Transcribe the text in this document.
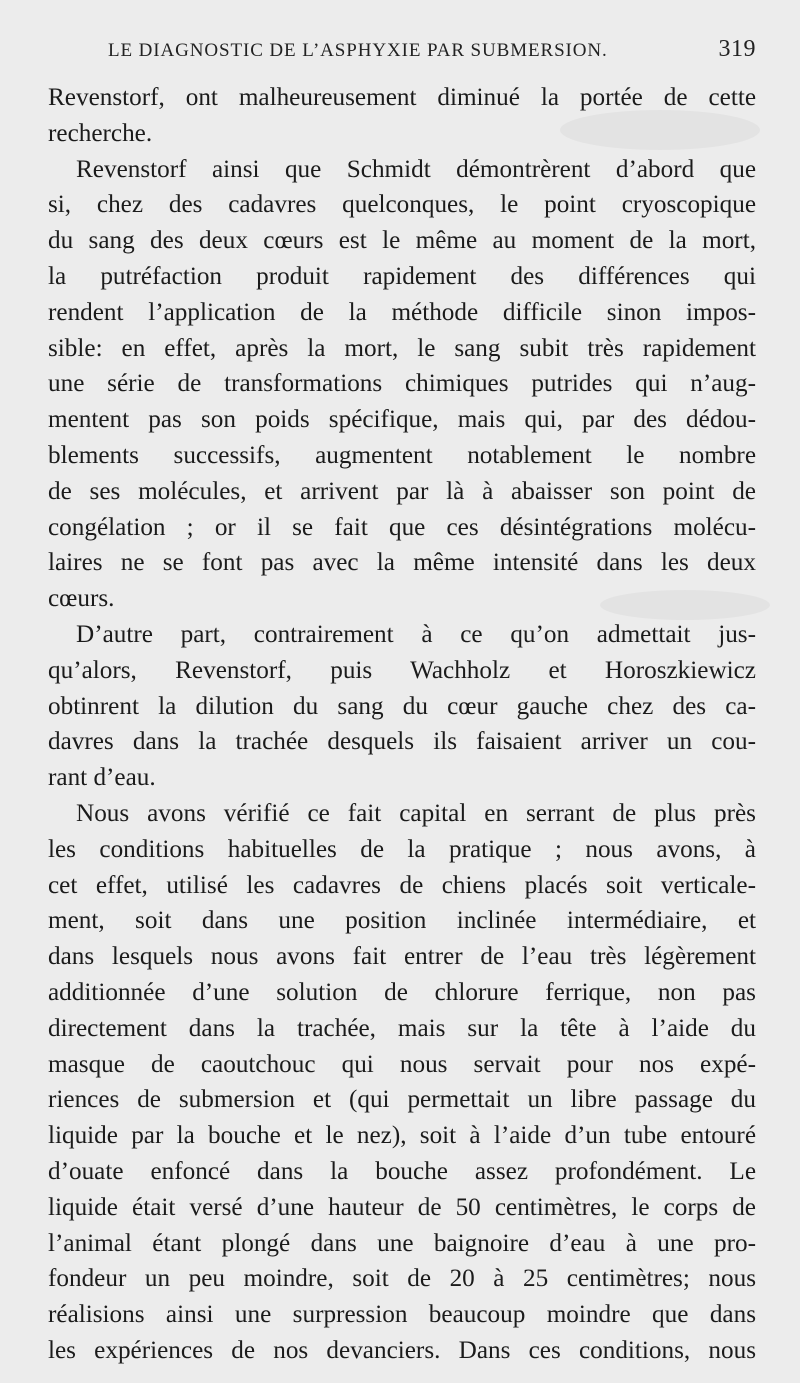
LE DIAGNOSTIC DE L’ASPHYXIE PAR SUBMERSION.	319
Revenstorf, ont malheureusement diminué la portée de cette
recherche.
Revenstorf ainsi que Schmidt démontrèrent d’abord que
si, chez des cadavres quelconques, le point cryoscopique
du sang des deux cœurs est le même au moment de la mort,
la putréfaction produit rapidement des différences qui
rendent l’application de la méthode difficile sinon impos-
sible: en effet, après la mort, le sang subit très rapidement
une série de transformations chimiques putrides qui n’aug-
mentent pas son poids spécifique, mais qui, par des dédou-
blements successifs, augmentent notablement le nombre
de ses molécules, et arrivent par là à abaisser son point de
congélation ; or il se fait que ces désintégrations molécu-
laires ne se font pas avec la même intensité dans les deux
cœurs.
D’autre part, contrairement à ce qu’on admettait jus-
qu’alors, Revenstorf, puis Wachholz et Horoszkiewicz
obtinrent la dilution du sang du cœur gauche chez des ca-
davres dans la trachée desquels ils faisaient arriver un cou-
rant d’eau.
Nous avons vérifié ce fait capital en serrant de plus près
les conditions habituelles de la pratique ; nous avons, à
cet effet, utilisé les cadavres de chiens placés soit verticale-
ment, soit dans une position inclinée intermédiaire, et
dans lesquels nous avons fait entrer de l’eau très légèrement
additionnée d’une solution de chlorure ferrique, non pas
directement dans la trachée, mais sur la tête à l’aide du
masque de caoutchouc qui nous servait pour nos expé-
riences de submersion et (qui permettait un libre passage du
liquide par la bouche et le nez), soit à l’aide d’un tube entouré
d’ouate enfoncé dans la bouche assez profondément. Le
liquide était versé d’une hauteur de 50 centimètres, le corps de
l’animal étant plongé dans une baignoire d’eau à une pro-
fondeur un peu moindre, soit de 20 à 25 centimètres; nous
réalisions ainsi une surpression beaucoup moindre que dans
les expériences de nos devanciers. Dans ces conditions, nous
